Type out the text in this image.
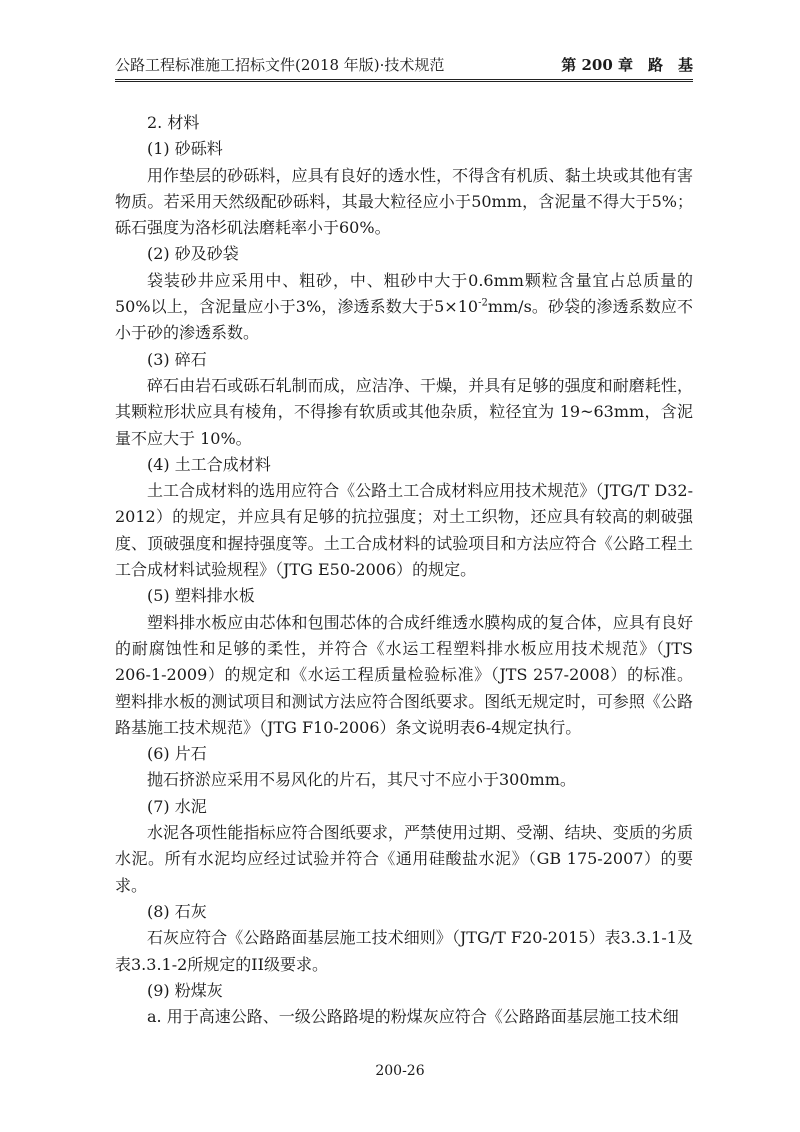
公路工程标准施工招标文件(2018 年版)·技术规范	第 200 章　路　基

2. 材料

(1) 砂砾料

用作垫层的砂砾料，应具有良好的透水性，不得含有机质、黏土块或其他有害物质。若采用天然级配砂砾料，其最大粒径应小于50mm，含泥量不得大于5%；砾石强度为洛杉矶法磨耗率小于60%。

(2) 砂及砂袋

袋装砂井应采用中、粗砂，中、粗砂中大于0.6mm颗粒含量宜占总质量的50%以上，含泥量应小于3%，渗透系数大于$5\times 10^{-2}mm/s$。砂袋的渗透系数应不小于砂的渗透系数。

(3) 碎石

碎石由岩石或砾石轧制而成，应洁净、干燥，并具有足够的强度和耐磨耗性，其颗粒形状应具有棱角，不得掺有软质或其他杂质，粒径宜为 19~63mm，含泥量不应大于 10%。

(4) 土工合成材料

土工合成材料的选用应符合《公路土工合成材料应用技术规范》（JTG/T D32-2012）的规定，并应具有足够的抗拉强度；对土工织物，还应具有较高的刺破强度、顶破强度和握持强度等。土工合成材料的试验项目和方法应符合《公路工程土工合成材料试验规程》（JTG E50-2006）的规定。

(5) 塑料排水板

塑料排水板应由芯体和包围芯体的合成纤维透水膜构成的复合体，应具有良好的耐腐蚀性和足够的柔性，并符合《水运工程塑料排水板应用技术规范》（JTS 206-1-2009）的规定和《水运工程质量检验标准》（JTS 257-2008）的标准。塑料排水板的测试项目和测试方法应符合图纸要求。图纸无规定时，可参照《公路路基施工技术规范》（JTG F10-2006）条文说明表6-4规定执行。

(6) 片石

抛石挤淤应采用不易风化的片石，其尺寸不应小于300mm。

(7) 水泥

水泥各项性能指标应符合图纸要求，严禁使用过期、受潮、结块、变质的劣质水泥。所有水泥均应经过试验并符合《通用硅酸盐水泥》（GB 175-2007）的要求。

(8) 石灰

石灰应符合《公路路面基层施工技术细则》（JTG/T F20-2015）表3.3.1-1及表3.3.1-2所规定的II级要求。

(9) 粉煤灰

a. 用于高速公路、一级公路路堤的粉煤灰应符合《公路路面基层施工技术细

200-26
